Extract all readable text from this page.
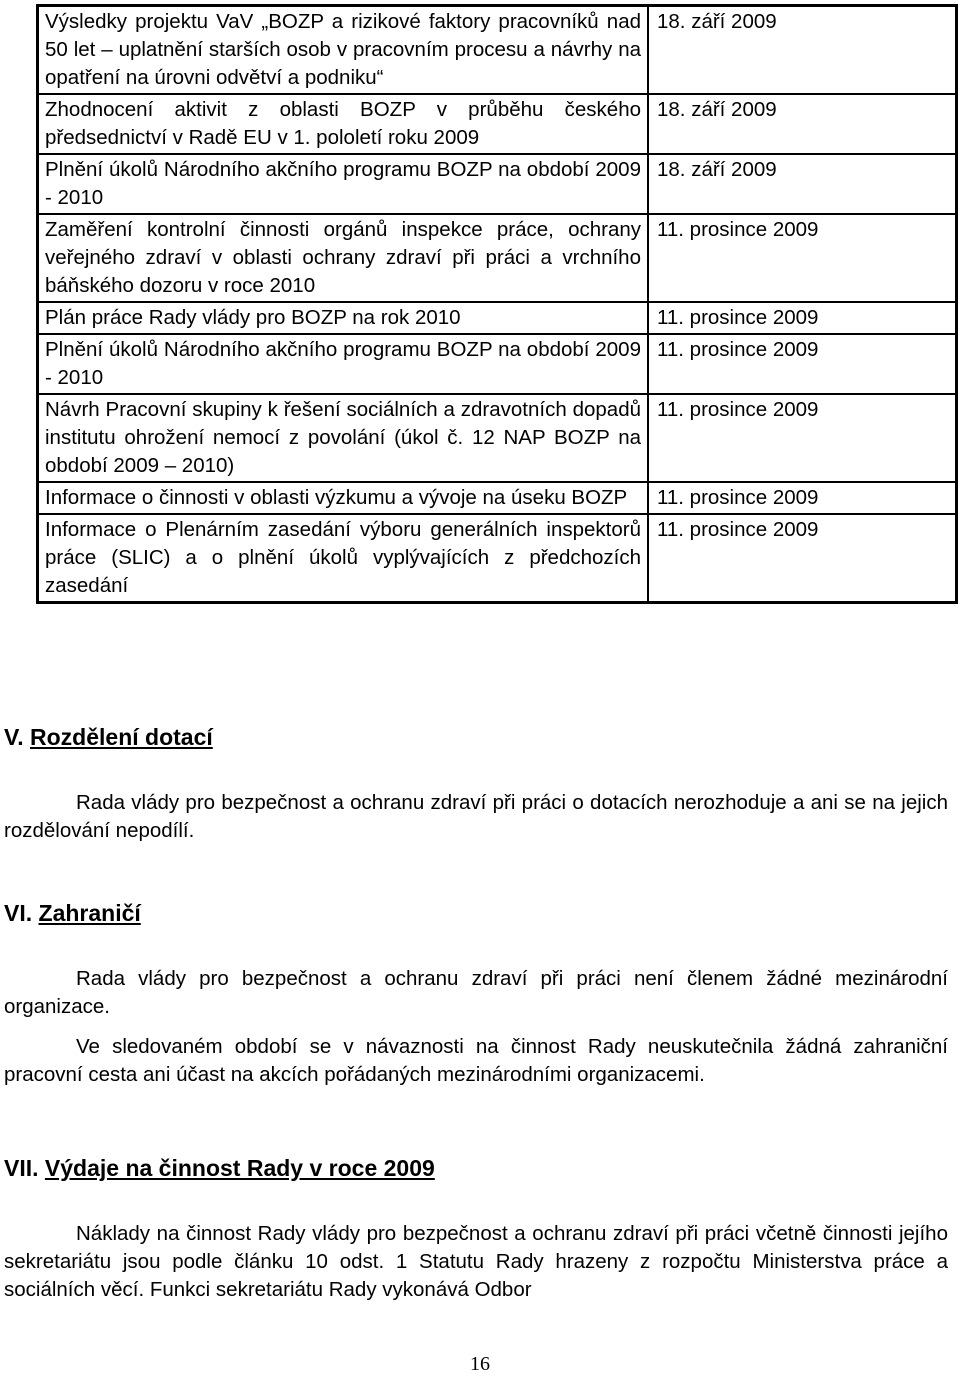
Výsledky projektu VaV „BOZP a rizikové faktory pracovníků nad 50 let – uplatnění starších osob v pracovním procesu a návrhy na opatření na úrovni odvětví a podniku“	18. září 2009
Zhodnocení aktivit z oblasti BOZP v průběhu českého předsednictví v Radě EU v 1. pololetí roku 2009	18. září 2009
Plnění úkolů Národního akčního programu BOZP na období 2009 - 2010	18. září 2009
Zaměření kontrolní činnosti orgánů inspekce práce, ochrany veřejného zdraví v oblasti ochrany zdraví při práci a vrchního báňského dozoru v roce 2010	11. prosince 2009
Plán práce Rady vlády pro BOZP na rok 2010	11. prosince 2009
Plnění úkolů Národního akčního programu BOZP na období 2009 - 2010	11. prosince 2009
Návrh Pracovní skupiny k řešení sociálních a zdravotních dopadů institutu ohrožení nemocí z povolání (úkol č. 12 NAP BOZP na období 2009 – 2010)	11. prosince 2009
Informace o činnosti v oblasti výzkumu a vývoje na úseku BOZP	11. prosince 2009
Informace o Plenárním zasedání výboru generálních inspektorů práce (SLIC) a o plnění úkolů vyplývajících z předchozích zasedání	11. prosince 2009
V. Rozdělení dotací

Rada vlády pro bezpečnost a ochranu zdraví při práci o dotacích nerozhoduje a ani se na jejich rozdělování nepodílí.

VI. Zahraničí

Rada vlády pro bezpečnost a ochranu zdraví při práci není členem žádné mezinárodní organizace.

Ve sledovaném období se v návaznosti na činnost Rady neuskutečnila žádná zahraniční pracovní cesta ani účast na akcích pořádaných mezinárodními organizacemi.

VII. Výdaje na činnost Rady v roce 2009

Náklady na činnost Rady vlády pro bezpečnost a ochranu zdraví při práci včetně činnosti jejího sekretariátu jsou podle článku 10 odst. 1 Statutu Rady hrazeny z rozpočtu Ministerstva práce a sociálních věcí. Funkci sekretariátu Rady vykonává Odbor

16
